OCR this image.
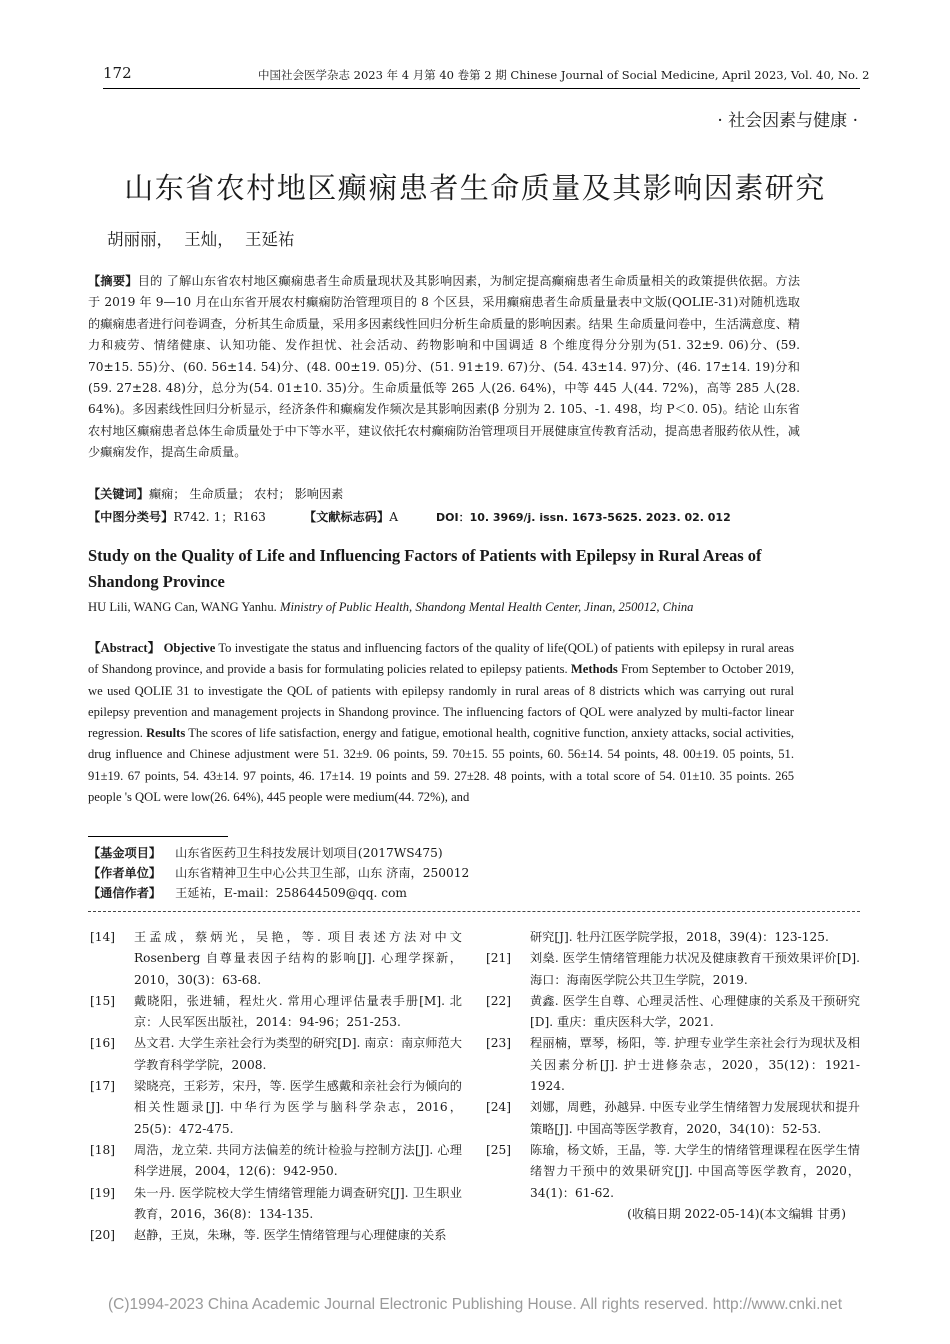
172	中国社会医学杂志 2023 年 4 月第 40 卷第 2 期 Chinese Journal of Social Medicine, April 2023, Vol. 40, No. 2
· 社会因素与健康 ·
山东省农村地区癫痫患者生命质量及其影响因素研究
胡丽丽， 王灿， 王延祐
【摘要】目的 了解山东省农村地区癫痫患者生命质量现状及其影响因素，为制定提高癫痫患者生命质量相关的政策提供依据。方法 于 2019 年 9—10 月在山东省开展农村癫痫防治管理项目的 8 个区县，采用癫痫患者生命质量量表中文版(QOLIE-31)对随机选取的癫痫患者进行问卷调查，分析其生命质量，采用多因素线性回归分析生命质量的影响因素。结果 生命质量问卷中，生活满意度、精力和疲劳、情绪健康、认知功能、发作担忧、社会活动、药物影响和中国调适 8 个维度得分分别为(51. 32±9. 06)分、(59. 70±15. 55)分、(60. 56±14. 54)分、(48. 00±19. 05)分、(51. 91±19. 67)分、(54. 43±14. 97)分、(46. 17±14. 19)分和(59. 27±28. 48)分，总分为(54. 01±10. 35)分。生命质量低等 265 人(26. 64%)，中等 445 人(44. 72%)，高等 285 人(28. 64%)。多因素线性回归分析显示，经济条件和癫痫发作频次是其影响因素(β 分别为 2. 105、-1. 498，均 P＜0. 05)。结论 山东省农村地区癫痫患者总体生命质量处于中下等水平，建议依托农村癫痫防治管理项目开展健康宣传教育活动，提高患者服药依从性，减少癫痫发作，提高生命质量。
【关键词】癫痫； 生命质量； 农村； 影响因素
【中图分类号】R742. 1；R163	【文献标志码】A	DOI：10. 3969/j. issn. 1673-5625. 2023. 02. 012
Study on the Quality of Life and Influencing Factors of Patients with Epilepsy in Rural Areas of Shandong Province
HU Lili, WANG Can, WANG Yanhu. Ministry of Public Health, Shandong Mental Health Center, Jinan, 250012, China
【Abstract】 Objective To investigate the status and influencing factors of the quality of life(QOL) of patients with epilepsy in rural areas of Shandong province, and provide a basis for formulating policies related to epilepsy patients. Methods From September to October 2019, we used QOLIE 31 to investigate the QOL of patients with epilepsy randomly in rural areas of 8 districts which was carrying out rural epilepsy prevention and management projects in Shandong province. The influencing factors of QOL were analyzed by multi-factor linear regression. Results The scores of life satisfaction, energy and fatigue, emotional health, cognitive function, anxiety attacks, social activities, drug influence and Chinese adjustment were 51. 32±9. 06 points, 59. 70±15. 55 points, 60. 56±14. 54 points, 48. 00±19. 05 points, 51. 91±19. 67 points, 54. 43±14. 97 points, 46. 17±14. 19 points and 59. 27±28. 48 points, with a total score of 54. 01±10. 35 points. 265 people 's QOL were low(26. 64%), 445 people were medium(44. 72%), and
【基金项目】 山东省医药卫生科技发展计划项目(2017WS475)
【作者单位】 山东省精神卫生中心公共卫生部，山东 济南，250012
【通信作者】 王延祐，E-mail：258644509@qq. com
[14] 王孟成，蔡炳光，吴艳，等. 项目表述方法对中文 Rosenberg 自尊量表因子结构的影响[J]. 心理学探新，2010，30(3)：63-68.
[15] 戴晓阳，张进辅，程灶火. 常用心理评估量表手册[M]. 北京：人民军医出版社，2014：94-96；251-253.
[16] 丛文君. 大学生亲社会行为类型的研究[D]. 南京：南京师范大学教育科学学院，2008.
[17] 梁晓亮，王彩芳，宋丹，等. 医学生感戴和亲社会行为倾向的相关性题录[J]. 中华行为医学与脑科学杂志，2016，25(5)：472-475.
[18] 周浩，龙立荣. 共同方法偏差的统计检验与控制方法[J]. 心理科学进展，2004，12(6)：942-950.
[19] 朱一丹. 医学院校大学生情绪管理能力调查研究[J]. 卫生职业教育，2016，36(8)：134-135.
[20] 赵静，王岚，朱琳，等. 医学生情绪管理与心理健康的关系
研究[J]. 牡丹江医学院学报，2018，39(4)：123-125.
[21] 刘燊. 医学生情绪管理能力状况及健康教育干预效果评价[D]. 海口：海南医学院公共卫生学院，2019.
[22] 黄鑫. 医学生自尊、心理灵活性、心理健康的关系及干预研究[D]. 重庆：重庆医科大学，2021.
[23] 程丽楠，覃琴，杨阳，等. 护理专业学生亲社会行为现状及相关因素分析[J]. 护士进修杂志，2020，35(12)：1921-1924.
[24] 刘娜，周甦，孙越异. 中医专业学生情绪智力发展现状和提升策略[J]. 中国高等医学教育，2020，34(10)：52-53.
[25] 陈瑜，杨文娇，王晶，等. 大学生的情绪管理课程在医学生情绪智力干预中的效果研究[J]. 中国高等医学教育，2020，34(1)：61-62.
(收稿日期 2022-05-14)(本文编辑 甘勇)
(C)1994-2023 China Academic Journal Electronic Publishing House. All rights reserved. http://www.cnki.net
